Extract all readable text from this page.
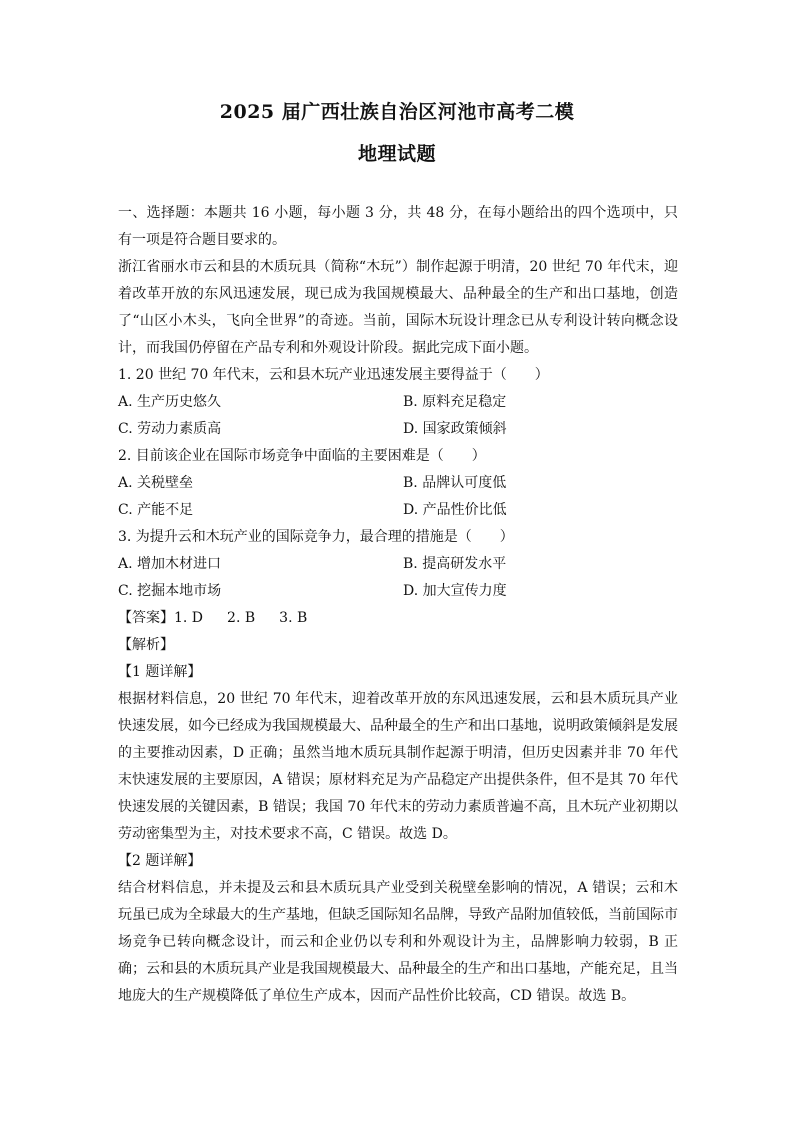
2025 届广西壮族自治区河池市高考二模
地理试题

一、选择题：本题共 16 小题，每小题 3 分，共 48 分，在每小题给出的四个选项中，只有一项是符合题目要求的。

浙江省丽水市云和县的木质玩具（简称“木玩”）制作起源于明清，20 世纪 70 年代末，迎着改革开放的东风迅速发展，现已成为我国规模最大、品种最全的生产和出口基地，创造了“山区小木头，飞向全世界”的奇迹。当前，国际木玩设计理念已从专利设计转向概念设计，而我国仍停留在产品专利和外观设计阶段。据此完成下面小题。

1. 20 世纪 70 年代末，云和县木玩产业迅速发展主要得益于（　　）

A. 生产历史悠久	B. 原料充足稳定
C. 劳动力素质高	D. 国家政策倾斜

2. 目前该企业在国际市场竞争中面临的主要困难是（　　）

A. 关税壁垒	B. 品牌认可度低
C. 产能不足	D. 产品性价比低

3. 为提升云和木玩产业的国际竞争力，最合理的措施是（　　）

A. 增加木材进口	B. 提高研发水平
C. 挖掘本地市场	D. 加大宣传力度

【答案】1. D 2. B 3. B

【解析】

【1 题详解】

根据材料信息，20 世纪 70 年代末，迎着改革开放的东风迅速发展，云和县木质玩具产业快速发展，如今已经成为我国规模最大、品种最全的生产和出口基地，说明政策倾斜是发展的主要推动因素，D 正确；虽然当地木质玩具制作起源于明清，但历史因素并非 70 年代末快速发展的主要原因，A 错误；原材料充足为产品稳定产出提供条件，但不是其 70 年代快速发展的关键因素，B 错误；我国 70 年代末的劳动力素质普遍不高，且木玩产业初期以劳动密集型为主，对技术要求不高，C 错误。故选 D。

【2 题详解】

结合材料信息，并未提及云和县木质玩具产业受到关税壁垒影响的情况，A 错误；云和木玩虽已成为全球最大的生产基地，但缺乏国际知名品牌，导致产品附加值较低，当前国际市场竞争已转向概念设计，而云和企业仍以专利和外观设计为主，品牌影响力较弱，B 正确；云和县的木质玩具产业是我国规模最大、品种最全的生产和出口基地，产能充足，且当地庞大的生产规模降低了单位生产成本，因而产品性价比较高，CD 错误。故选 B。
